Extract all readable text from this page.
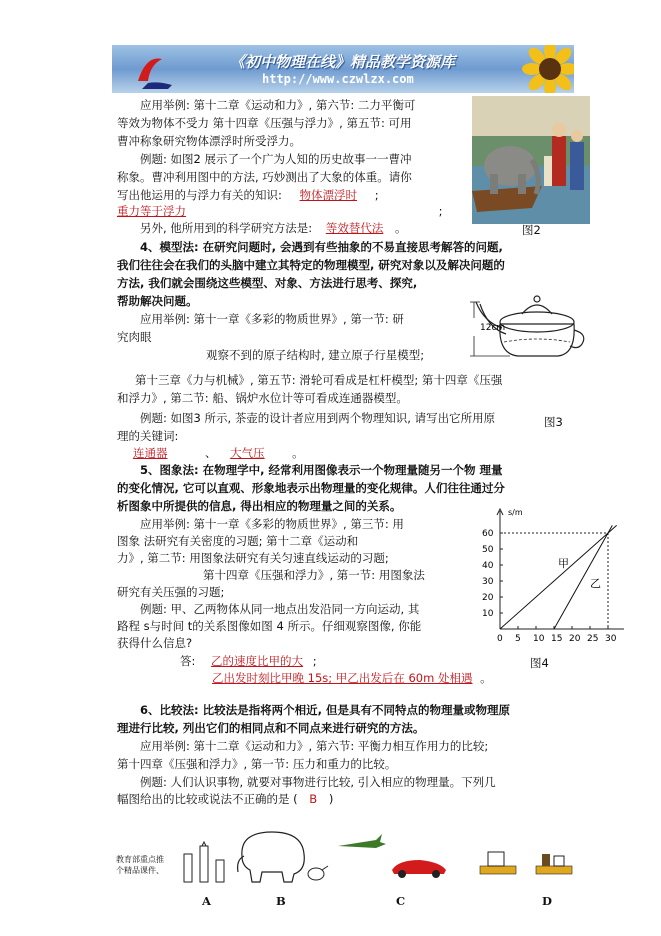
《初中物理在线》精品教学资源库
http://www.czwlzx.com
应用举例: 第十二章《运动和力》, 第六节: 二力平衡可
等效为物体不受力 第十四章《压强与浮力》, 第五节: 可用
曹冲称象研究物体漂浮时所受浮力。
例题: 如图2 展示了一个广为人知的历史故事一一曹冲
称象。曹冲利用图中的方法, 巧妙测出了大象的体重。请你
写出他运用的与浮力有关的知识: 物体漂浮时 ;
重力等于浮力	;
另外, 他所用到的科学研究方法是: 等效替代法 。	图2
4、模型法: 在研究问题时, 会遇到有些抽象的不易直接思考解答的问题,
我们往往会在我们的头脑中建立其特定的物理模型, 研究对象以及解决问题的
方法, 我们就会围绕这些模型、对象、方法进行思考、探究,
帮助解决问题。
应用举例: 第十一章《多彩的物质世界》, 第一节: 研
究肉眼
观察不到的原子结构时, 建立原子行星模型;
第十三章《力与机械》, 第五节: 滑轮可看成是杠杆模型; 第十四章《压强
和浮力》, 第二节: 船、锅炉水位计等可看成连通器模型。
例题: 如图3 所示, 茶壶的设计者应用到两个物理知识, 请写出它所用原
理的关键词:
连通器	、 大气压 。
12cm
图3
5、图象法: 在物理学中, 经常利用图像表示一个物理量随另一个物 理量
的变化情况, 它可以直观、形象地表示出物理量的变化规律。人们往往通过分
析图象中所提供的信息, 得出相应的物理量之间的关系。
应用举例: 第十一章《多彩的物质世界》, 第三节: 用
图象 法研究有关密度的习题; 第十二章《运动和
力》, 第二节: 用图象法研究有关匀速直线运动的习题;
第十四章《压强和浮力》, 第一节: 用图象法
研究有关压强的习题;
例题: 甲、乙两物体从同一地点出发沿同一方向运动, 其
路程 s与时间 t的关系图像如图 4 所示。仔细观察图像, 你能
获得什么信息?
答: 乙的速度比甲的大 ;
乙出发时刻比甲晚 15s; 甲乙出发后在 60m 处相遇 。
s/m
0 5 10 15 20 25 30
10
20
30
40
50
60
甲
乙
图4
6、比较法: 比较法是指将两个相近, 但是具有不同特点的物理量或物理原
理进行比较, 列出它们的相同点和不同点来进行研究的方法。
应用举例: 第十二章《运动和力》, 第六节: 平衡力相互作用力的比较;
第十四章《压强和浮力》, 第一节: 压力和重力的比较。
例题: 人们认识事物, 就要对事物进行比较, 引入相应的物理量。下列几
幅图给出的比较或说法不正确的是 ( B )
教育部重点推
个精品课件、
A	B	C	D
